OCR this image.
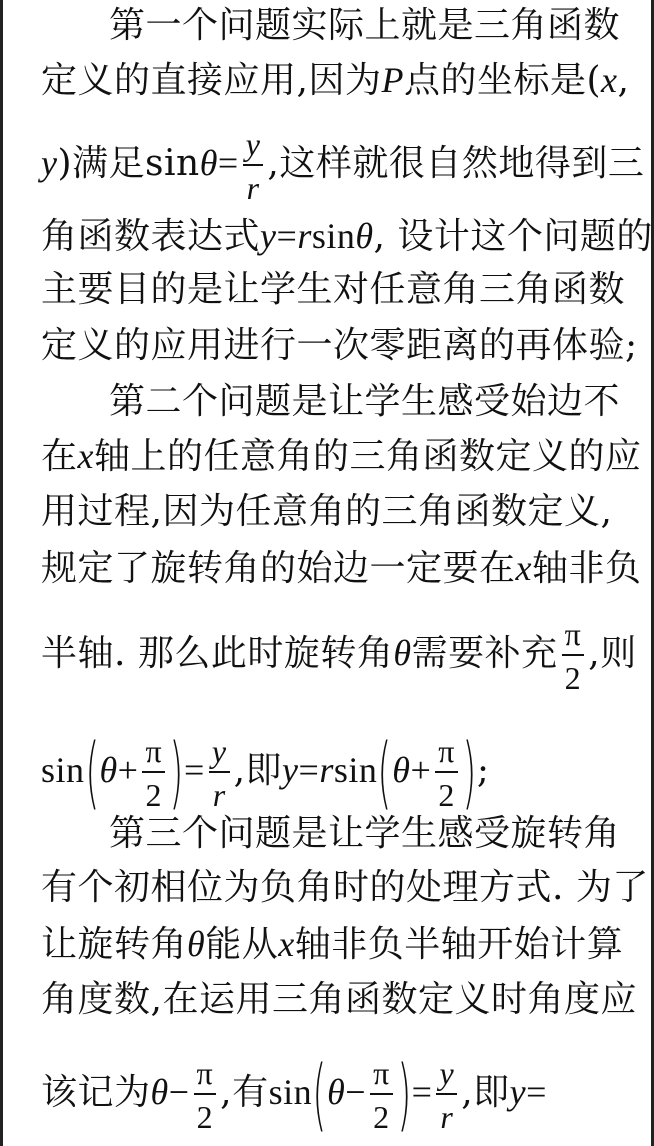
第一个问题实际上就是三角函数
定义的直接应用,因为P点的坐标是(x,
y)满足$\sin\theta= \frac{y}{r}$ ,这样就很自然地得到三
角函数表达式y=rsinθ, 设计这个问题的
主要目的是让学生对任意角三角函数
定义的应用进行一次零距离的再体验;
第二个问题是让学生感受始边不
在x轴上的任意角的三角函数定义的应
用过程,因为任意角的三角函数定义,
规定了旋转角的始边一定要在x轴非负
半轴. 那么此时旋转角θ需要补充 $\frac{\pi}{2}$ ,则
$\sin(\theta+ \frac{\pi}{2}$ )= $\frac{y}{r}$ ,即$y=rsin(\theta+ \frac{\pi}{2}$ );
第三个问题是让学生感受旋转角
有个初相位为负角时的处理方式. 为了
让旋转角θ能从x轴非负半轴开始计算
角度数,在运用三角函数定义时角度应
该记为$\theta- \frac{\pi}{2}$ ,有$\sin(\theta- \frac{\pi}{2}$ )= $\frac{y}{r}$ ,即y=
